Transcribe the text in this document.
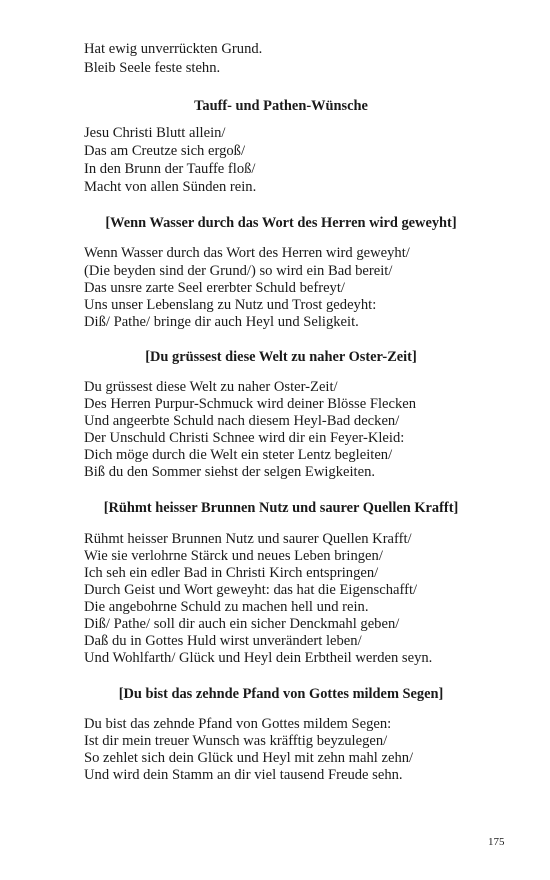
Hat ewig unverrückten Grund.
Bleib Seele feste stehn.
Tauff- und Pathen-Wünsche
Jesu Christi Blutt allein/
Das am Creutze sich ergoß/
In den Brunn der Tauffe floß/
Macht von allen Sünden rein.
[Wenn Wasser durch das Wort des Herren wird geweyht]
Wenn Wasser durch das Wort des Herren wird geweyht/
(Die beyden sind der Grund/) so wird ein Bad bereit/
Das unsre zarte Seel ererbter Schuld befreyt/
Uns unser Lebenslang zu Nutz und Trost gedeyht:
Diß/ Pathe/ bringe dir auch Heyl und Seligkeit.
[Du grüssest diese Welt zu naher Oster-Zeit]
Du grüssest diese Welt zu naher Oster-Zeit/
Des Herren Purpur-Schmuck wird deiner Blösse Flecken
Und angeerbte Schuld nach diesem Heyl-Bad decken/
Der Unschuld Christi Schnee wird dir ein Feyer-Kleid:
Dich möge durch die Welt ein steter Lentz begleiten/
Biß du den Sommer siehst der selgen Ewigkeiten.
[Rühmt heisser Brunnen Nutz und saurer Quellen Krafft]
Rühmt heisser Brunnen Nutz und saurer Quellen Krafft/
Wie sie verlohrne Stärck und neues Leben bringen/
Ich seh ein edler Bad in Christi Kirch entspringen/
Durch Geist und Wort geweyht: das hat die Eigenschafft/
Die angebohrne Schuld zu machen hell und rein.
Diß/ Pathe/ soll dir auch ein sicher Denckmahl geben/
Daß du in Gottes Huld wirst unverändert leben/
Und Wohlfarth/ Glück und Heyl dein Erbtheil werden seyn.
[Du bist das zehnde Pfand von Gottes mildem Segen]
Du bist das zehnde Pfand von Gottes mildem Segen:
Ist dir mein treuer Wunsch was kräfftig beyzulegen/
So zehlet sich dein Glück und Heyl mit zehn mahl zehn/
Und wird dein Stamm an dir viel tausend Freude sehn.
175
